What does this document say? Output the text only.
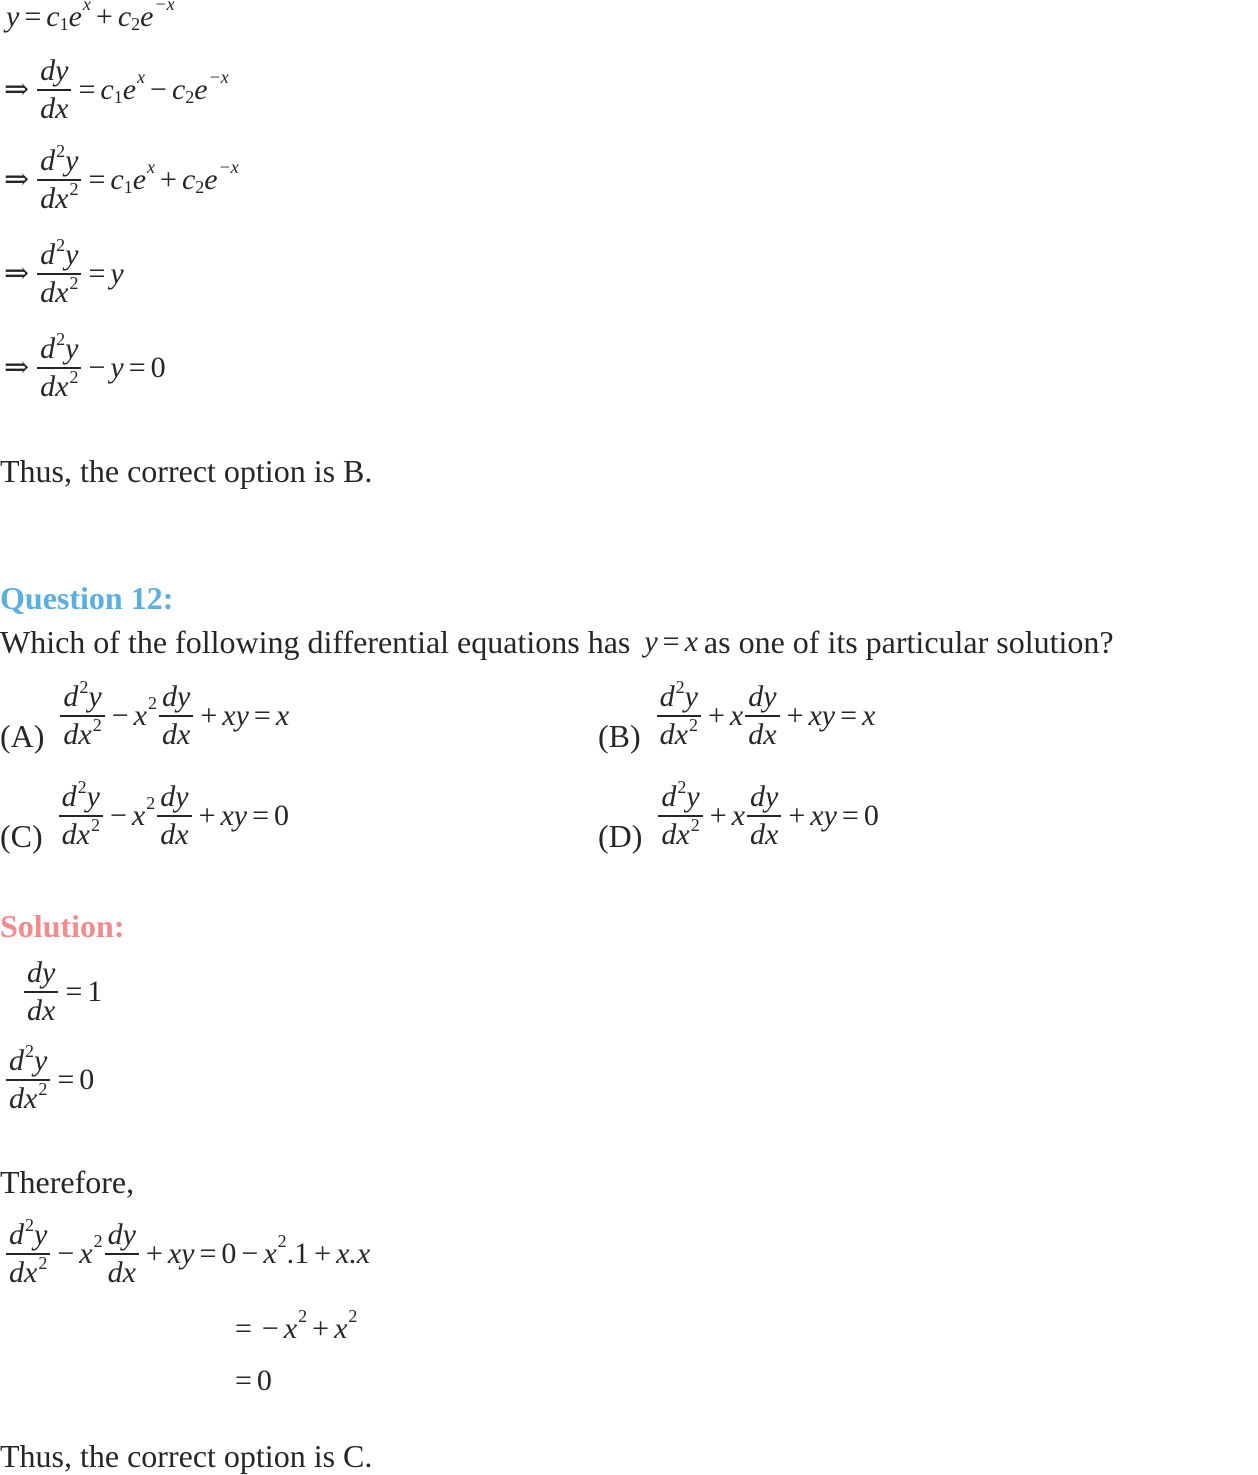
y = c 1 e x + c 2 e −x
⇒ $\frac{dy}{dx} = c$ 1 e x − c 2 e −x
⇒ $\frac{d^2y}{dx^2} = c$ 1 e x + c 2 e −x
⇒ $\frac{d^2y}{dx^2} = y$
⇒ $\frac{d^2y}{dx^2} - y = 0$
Thus, the correct option is B.
Question 12:
Which of the following differential equations has y = x as one of its particular solution?
$(A) \frac{d^2y}{dx^2} - x$ $2 \frac{dy}{dx}$ + xy = x
$(B) \frac{d^2y}{dx^2} + x \frac{dy}{dx}$ + xy = x
$(C) \frac{d^2y}{dx^2} - x$ $2 \frac{dy}{dx}$ + xy = 0
$(D) \frac{d^2y}{dx^2} + x \frac{dy}{dx}$ + xy = 0
Solution:
$\frac{dy}{dx} = 1$
$\frac{d^2y}{dx^2} = 0$
Therefore,
$\frac{d^2y}{dx^2} - x$ $2 \frac{dy}{dx}$ + xy = 0 − x 2 .1 + x.x
= − x 2 + x 2
= 0
Thus, the correct option is C.
